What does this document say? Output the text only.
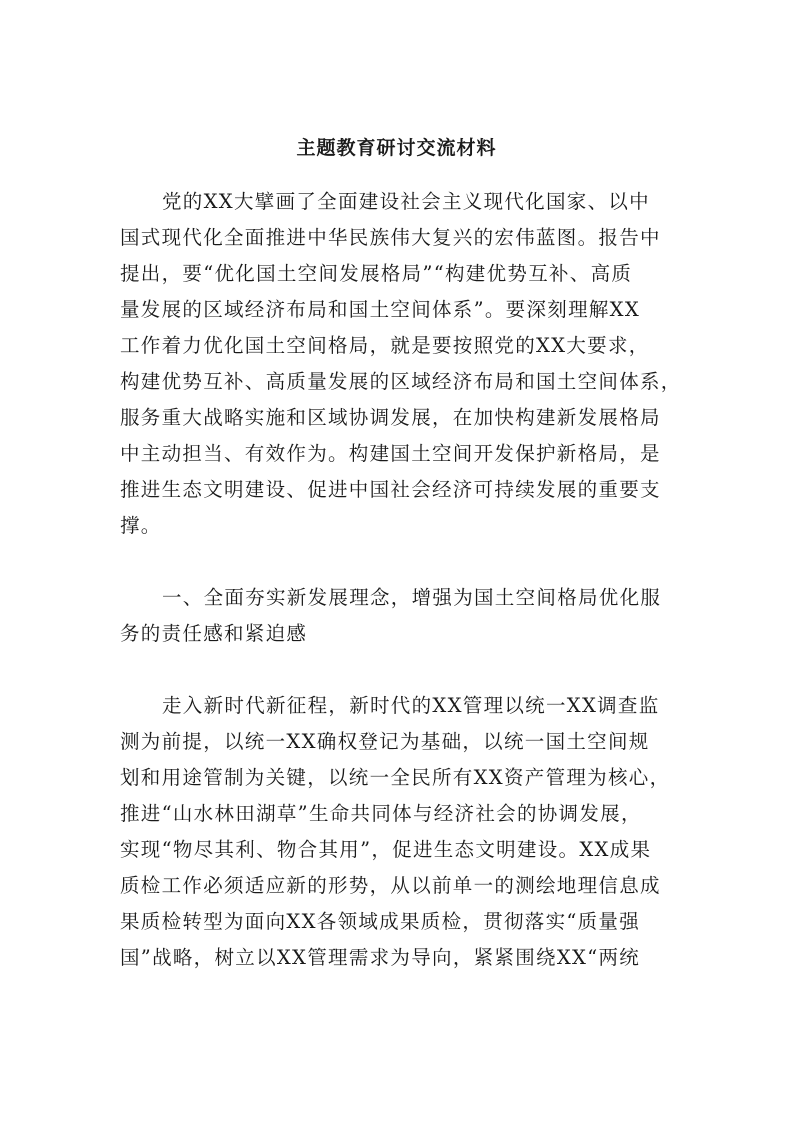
主题教育研讨交流材料
党的XX大擘画了全面建设社会主义现代化国家、以中
国式现代化全面推进中华民族伟大复兴的宏伟蓝图。报告中
提出，要“优化国土空间发展格局”“构建优势互补、高质
量发展的区域经济布局和国土空间体系”。要深刻理解XX
工作着力优化国土空间格局，就是要按照党的XX大要求，
构建优势互补、高质量发展的区域经济布局和国土空间体系，
服务重大战略实施和区域协调发展，在加快构建新发展格局
中主动担当、有效作为。构建国土空间开发保护新格局，是
推进生态文明建设、促进中国社会经济可持续发展的重要支
撑。
一、全面夯实新发展理念，增强为国土空间格局优化服
务的责任感和紧迫感
走入新时代新征程，新时代的XX管理以统一XX调查监
测为前提，以统一XX确权登记为基础，以统一国土空间规
划和用途管制为关键，以统一全民所有XX资产管理为核心，
推进“山水林田湖草”生命共同体与经济社会的协调发展，
实现“物尽其利、物合其用”，促进生态文明建设。XX成果
质检工作必须适应新的形势，从以前单一的测绘地理信息成
果质检转型为面向XX各领域成果质检，贯彻落实“质量强
国”战略，树立以XX管理需求为导向，紧紧围绕XX“两统
